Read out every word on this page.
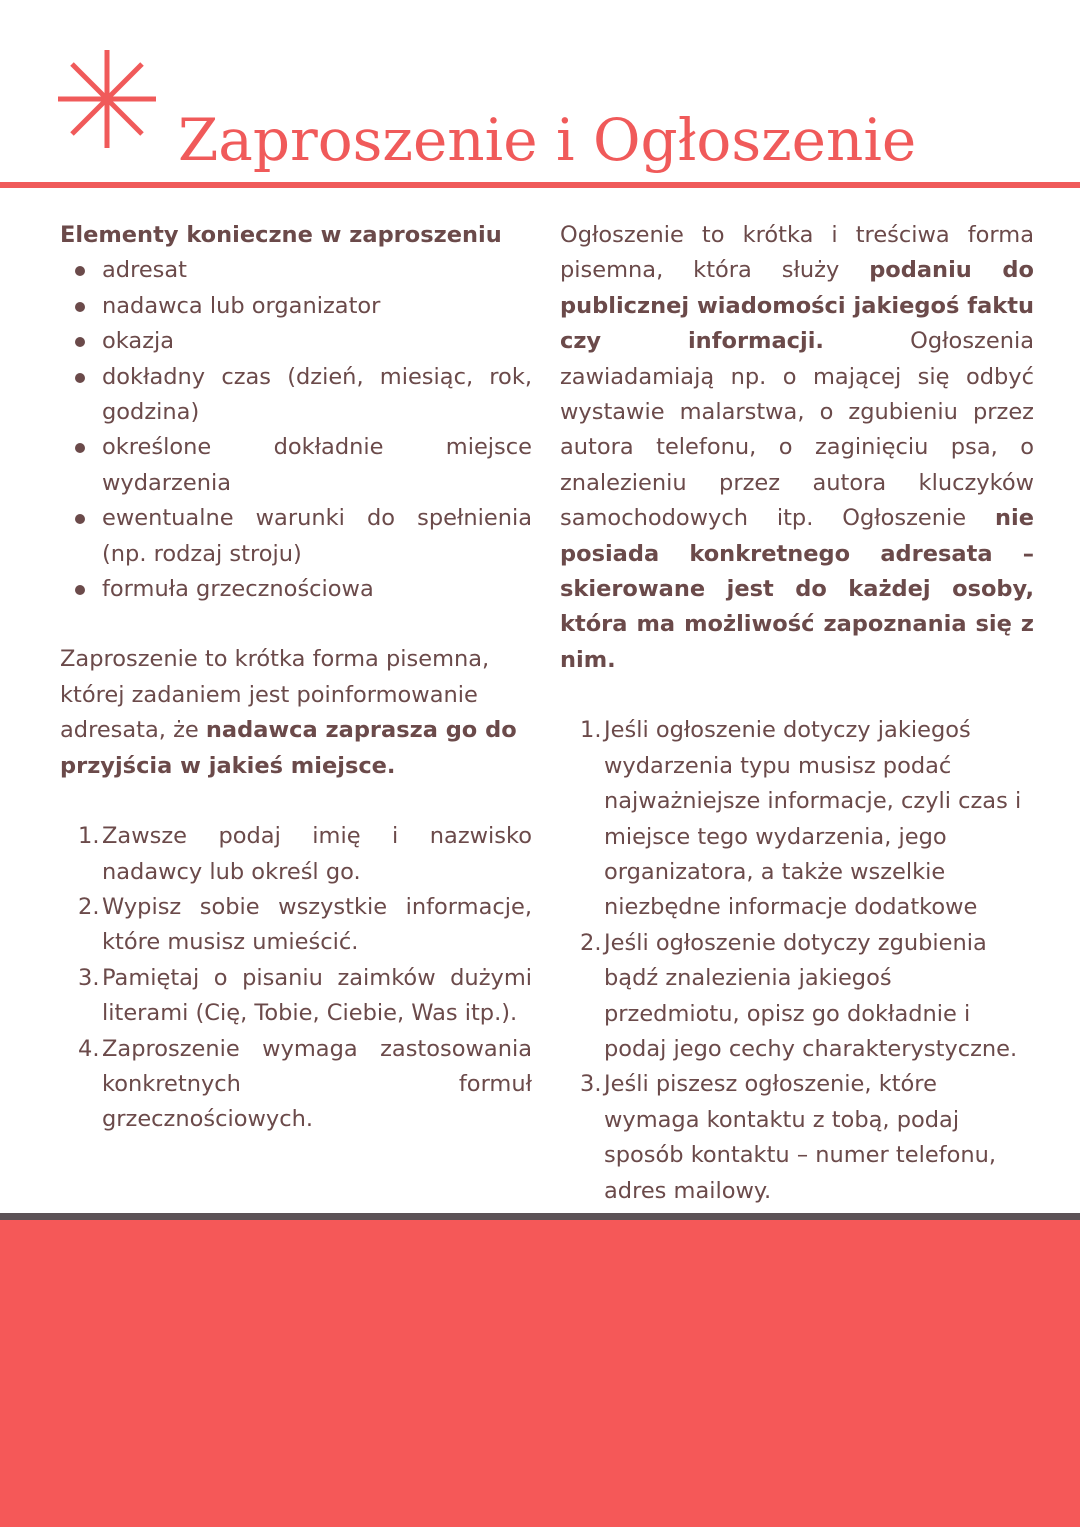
Zaproszenie i Ogłoszenie

Elementy konieczne w zaproszeniu

adresat
nadawca lub organizator
okazja
dokładny czas (dzień, miesiąc, rok, godzina)
określone dokładnie miejsce wydarzenia
ewentualne warunki do spełnienia (np. rodzaj stroju)
formuła grzecznościowa

Zaproszenie to krótka forma pisemna, której zadaniem jest poinformowanie adresata, że nadawca zaprasza go do przyjścia w jakieś miejsce.

1. Zawsze podaj imię i nazwisko nadawcy lub określ go.
2. Wypisz sobie wszystkie informacje, które musisz umieścić.
3. Pamiętaj o pisaniu zaimków dużymi literami (Cię, Tobie, Ciebie, Was itp.).
4. Zaproszenie wymaga zastosowania konkretnych formuł grzecznościowych.

Ogłoszenie to krótka i treściwa forma pisemna, która służy podaniu do publicznej wiadomości jakiegoś faktu czy informacji. Ogłoszenia zawiadamiają np. o mającej się odbyć wystawie malarstwa, o zgubieniu przez autora telefonu, o zaginięciu psa, o znalezieniu przez autora kluczyków samochodowych itp. Ogłoszenie nie posiada konkretnego adresata – skierowane jest do każdej osoby, która ma możliwość zapoznania się z nim.

1. Jeśli ogłoszenie dotyczy jakiegoś wydarzenia typu musisz podać najważniejsze informacje, czyli czas i miejsce tego wydarzenia, jego organizatora, a także wszelkie niezbędne informacje dodatkowe
2. Jeśli ogłoszenie dotyczy zgubienia bądź znalezienia jakiegoś przedmiotu, opisz go dokładnie i podaj jego cechy charakterystyczne.
3. Jeśli piszesz ogłoszenie, które wymaga kontaktu z tobą, podaj sposób kontaktu – numer telefonu, adres mailowy.
